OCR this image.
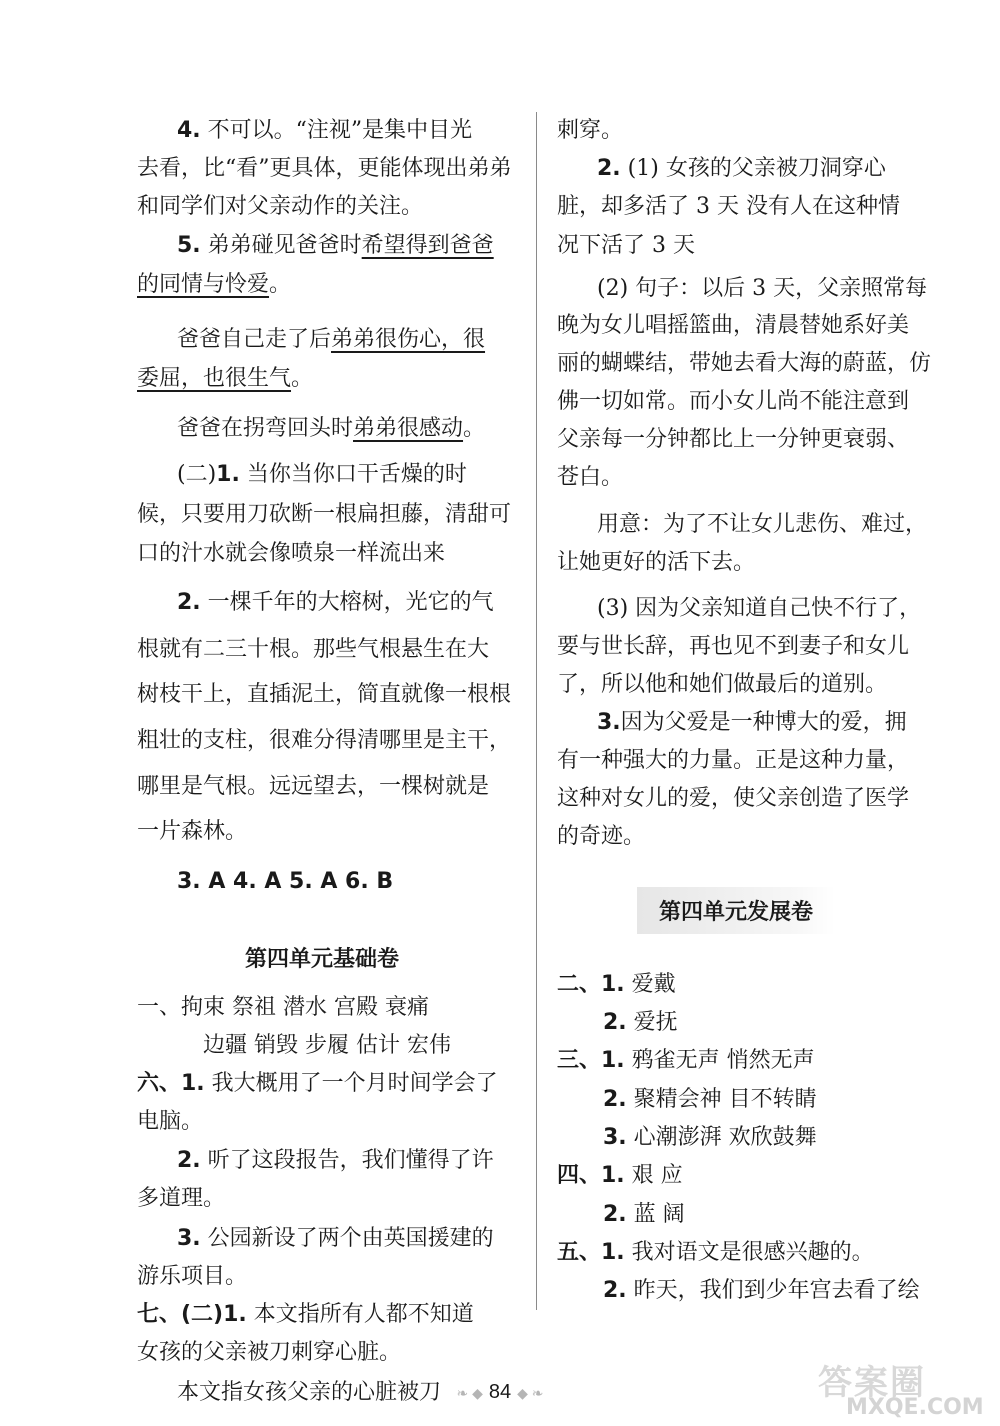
4. 不可以。“注视”是集中目光
去看，比“看”更具体，更能体现出弟弟
和同学们对父亲动作的关注。
5. 弟弟碰见爸爸时希望得到爸爸
的同情与怜爱。
爸爸自己走了后弟弟很伤心，很
委屈，也很生气。
爸爸在拐弯回头时弟弟很感动。
(二)1. 当你当你口干舌燥的时
候，只要用刀砍断一根扁担藤，清甜可
口的汁水就会像喷泉一样流出来
2. 一棵千年的大榕树，光它的气
根就有二三十根。那些气根悬生在大
树枝干上，直插泥土，简直就像一根根
粗壮的支柱，很难分得清哪里是主干，
哪里是气根。远远望去，一棵树就是
一片森林。
3. A 4. A 5. A 6. B
第四单元基础卷
一、拘束 祭祖 潜水 宫殿 衰痛
边疆 销毁 步履 估计 宏伟
六、1. 我大概用了一个月时间学会了
电脑。
2. 听了这段报告，我们懂得了许
多道理。
3. 公园新设了两个由英国援建的
游乐项目。
七、(二)1. 本文指所有人都不知道
女孩的父亲被刀刺穿心脏。
本文指女孩父亲的心脏被刀
刺穿。
2. (1) 女孩的父亲被刀洞穿心
脏，却多活了 3 天 没有人在这种情
况下活了 3 天
(2) 句子：以后 3 天，父亲照常每
晚为女儿唱摇篮曲，清晨替她系好美
丽的蝴蝶结，带她去看大海的蔚蓝，仿
佛一切如常。而小女儿尚不能注意到
父亲每一分钟都比上一分钟更衰弱、
苍白。
用意：为了不让女儿悲伤、难过，
让她更好的活下去。
(3) 因为父亲知道自己快不行了，
要与世长辞，再也见不到妻子和女儿
了，所以他和她们做最后的道别。
3.因为父爱是一种博大的爱，拥
有一种强大的力量。正是这种力量，
这种对女儿的爱，使父亲创造了医学
的奇迹。
第四单元发展卷
二、1. 爱戴
2. 爱抚
三、1. 鸦雀无声 悄然无声
2. 聚精会神 目不转睛
3. 心潮澎湃 欢欣鼓舞
四、1. 艰 应
2. 蓝 阔
五、1. 我对语文是很感兴趣的。
2. 昨天，我们到少年宫去看了绘
❧ ◆ 84 ◆ ❧	答案圈
MXQE.COM
